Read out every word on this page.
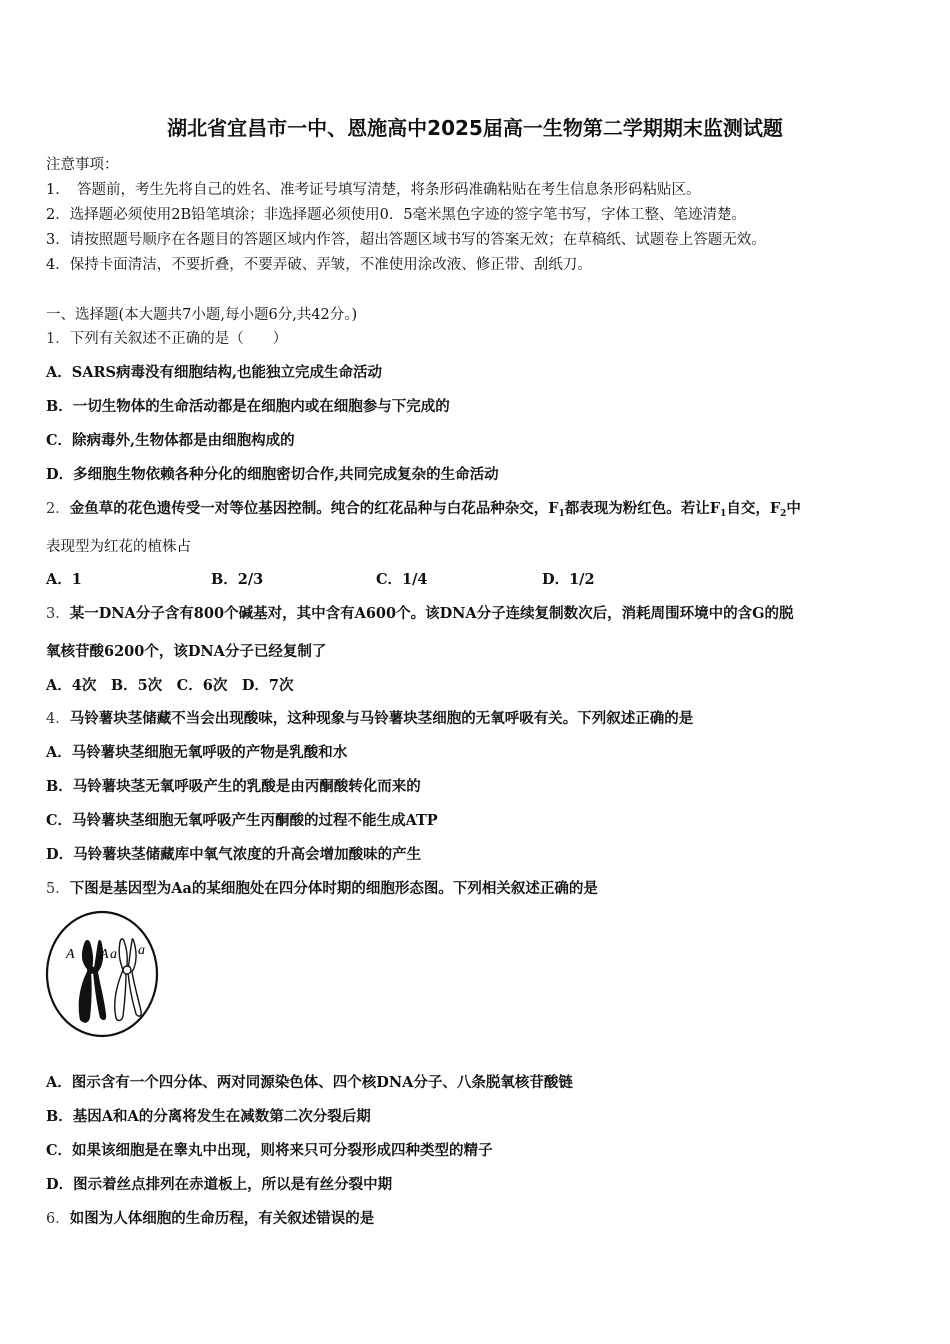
湖北省宜昌市一中、恩施高中2025届高一生物第二学期期末监测试题
注意事项：
1．　答题前，考生先将自己的姓名、准考证号填写清楚，将条形码准确粘贴在考生信息条形码粘贴区。
2．选择题必须使用2B铅笔填涂；非选择题必须使用0．5毫米黑色字迹的签字笔书写，字体工整、笔迹清楚。
3．请按照题号顺序在各题目的答题区域内作答，超出答题区域书写的答案无效；在草稿纸、试题卷上答题无效。
4．保持卡面清洁，不要折叠，不要弄破、弄皱，不准使用涂改液、修正带、刮纸刀。
一、选择题(本大题共7小题,每小题6分,共42分。)
1．下列有关叙述不正确的是（　　）
A．SARS病毒没有细胞结构,也能独立完成生命活动
B．一切生物体的生命活动都是在细胞内或在细胞参与下完成的
C．除病毒外,生物体都是由细胞构成的
D．多细胞生物依赖各种分化的细胞密切合作,共同完成复杂的生命活动
2．金鱼草的花色遗传受一对等位基因控制。纯合的红花品种与白花品种杂交，$F_1$都表现为粉红色。若让$F_1$自交，$F_2$中
表现型为红花的植株占
A．1	B．2/3	C．1/4	D．1/2
3．某一DNA分子含有800个碱基对，其中含有A600个。该DNA分子连续复制数次后，消耗周围环境中的含G的脱
氧核苷酸6200个，该DNA分子已经复制了
A．4次　B．5次　C．6次　D．7次
4．马铃薯块茎储藏不当会出现酸味，这种现象与马铃薯块茎细胞的无氧呼吸有关。下列叙述正确的是
A．马铃薯块茎细胞无氧呼吸的产物是乳酸和水
B．马铃薯块茎无氧呼吸产生的乳酸是由丙酮酸转化而来的
C．马铃薯块茎细胞无氧呼吸产生丙酮酸的过程不能生成ATP
D．马铃薯块茎储藏库中氧气浓度的升高会增加酸味的产生
5．下图是基因型为Aa的某细胞处在四分体时期的细胞形态图。下列相关叙述正确的是
A A a a
A．图示含有一个四分体、两对同源染色体、四个核DNA分子、八条脱氧核苷酸链
B．基因A和A的分离将发生在减数第二次分裂后期
C．如果该细胞是在睾丸中出现，则将来只可分裂形成四种类型的精子
D．图示着丝点排列在赤道板上，所以是有丝分裂中期
6．如图为人体细胞的生命历程，有关叙述错误的是
